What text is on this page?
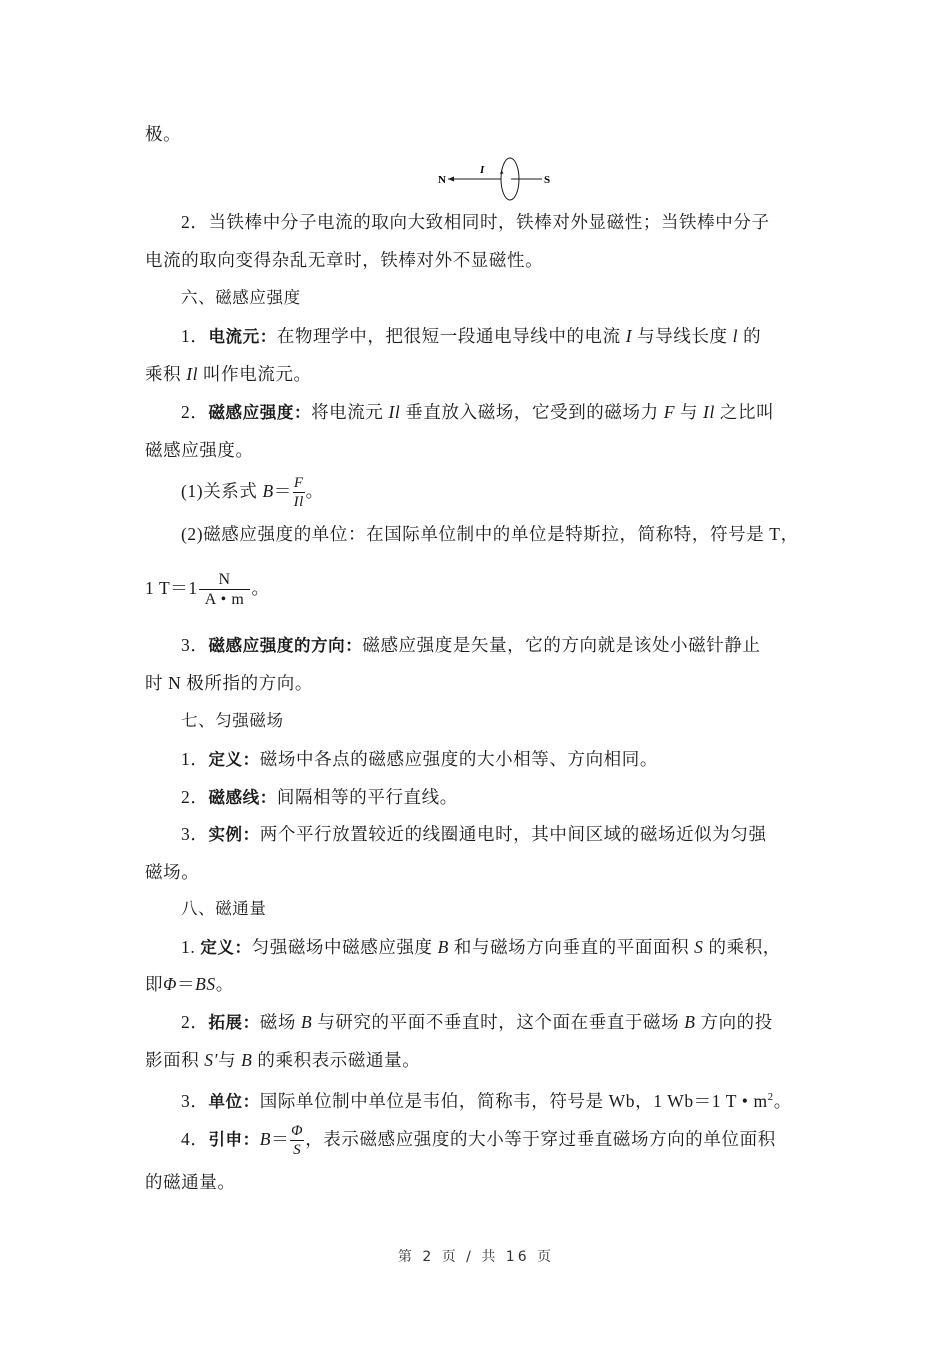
极。
N	S
I
2．当铁棒中分子电流的取向大致相同时，铁棒对外显磁性；当铁棒中分子
电流的取向变得杂乱无章时，铁棒对外不显磁性。
六、磁感应强度
1．电流元：在物理学中，把很短一段通电导线中的电流 I 与导线长度 l 的
乘积 Il 叫作电流元。
2．磁感应强度：将电流元 Il 垂直放入磁场，它受到的磁场力 F 与 Il 之比叫
磁感应强度。
(1)关系式 $B= \frac{F}{Il}$ 。
(2)磁感应强度的单位：在国际单位制中的单位是特斯拉，简称特，符号是 T，
1 $T=1 \frac{N}{A • m}$ 。
3．磁感应强度的方向：磁感应强度是矢量，它的方向就是该处小磁针静止
时 N 极所指的方向。
七、匀强磁场
1．定义：磁场中各点的磁感应强度的大小相等、方向相同。
2．磁感线：间隔相等的平行直线。
3．实例：两个平行放置较近的线圈通电时，其中间区域的磁场近似为匀强
磁场。
八、磁通量
1. 定义：匀强磁场中磁感应强度 B 和与磁场方向垂直的平面面积 S 的乘积，
即Φ＝BS。
2．拓展：磁场 B 与研究的平面不垂直时，这个面在垂直于磁场 B 方向的投
影面积 S′与 B 的乘积表示磁通量。
3．单位：国际单位制中单位是韦伯，简称韦，符号是 Wb，1 Wb＝1 T • $m^2$。
4．引申：$B= \frac{\Phi}{S}$ ，表示磁感应强度的大小等于穿过垂直磁场方向的单位面积
的磁通量。
第 2 页 / 共 16 页
